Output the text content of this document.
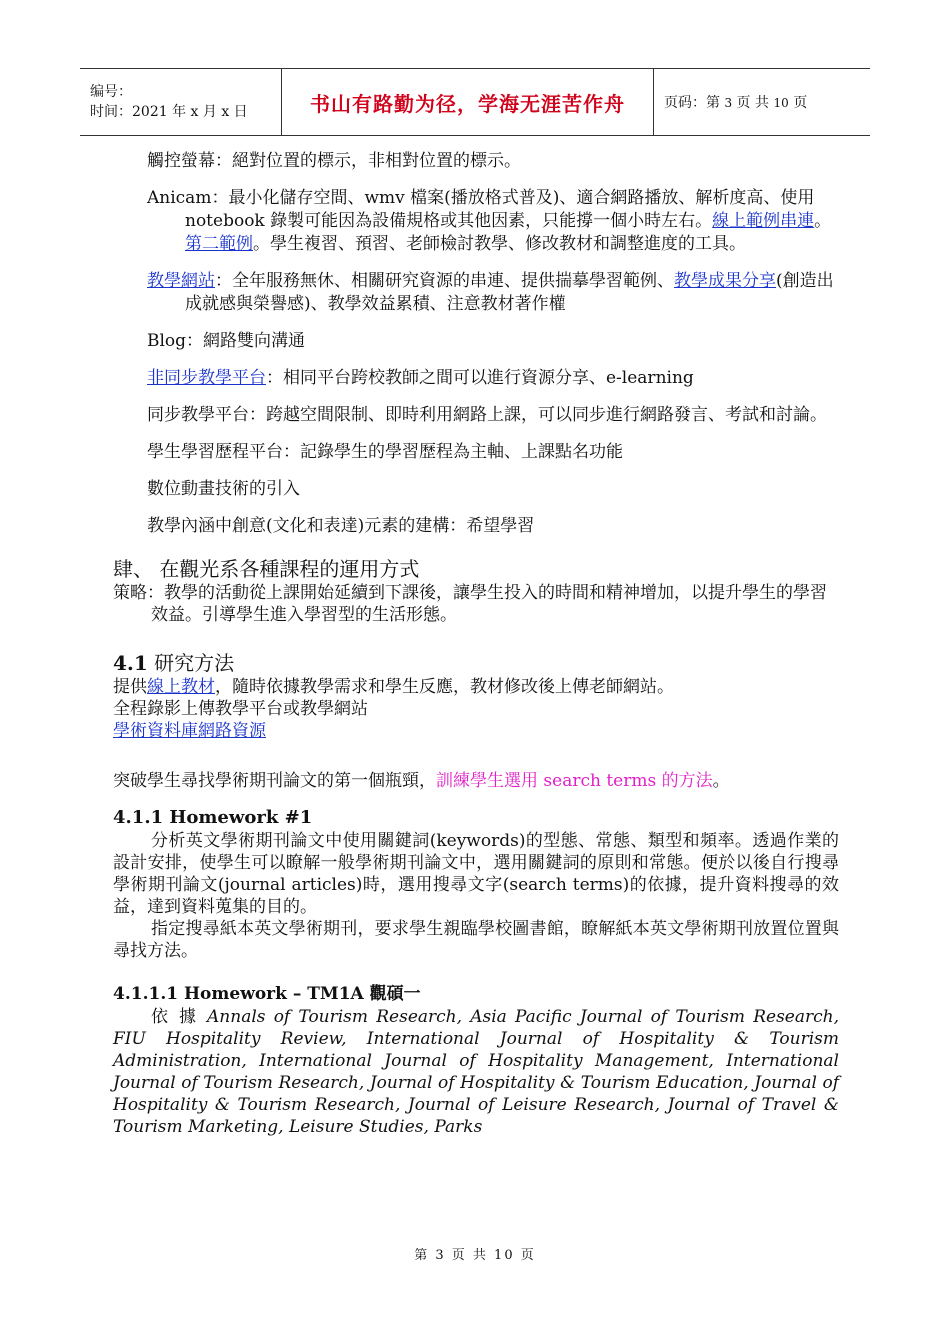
编号：
时间：2021 年 x 月 x 日	书山有路勤为径，学海无涯苦作舟	页码：第 3 页 共 10 页

觸控螢幕：絕對位置的標示，非相對位置的標示。

Anicam：最小化儲存空間、wmv 檔案(播放格式普及)、適合網路播放、解析度高、使用 notebook 錄製可能因為設備規格或其他因素，只能撐一個小時左右。線上範例串連。第二範例。學生複習、預習、老師檢討教學、修改教材和調整進度的工具。

教學網站：全年服務無休、相關研究資源的串連、提供揣摹學習範例、教學成果分享(創造出成就感與榮譽感)、教學效益累積、注意教材著作權

Blog：網路雙向溝通

非同步教學平台：相同平台跨校教師之間可以進行資源分享、e-learning

同步教學平台：跨越空間限制、即時利用網路上課，可以同步進行網路發言、考試和討論。

學生學習歷程平台：記錄學生的學習歷程為主軸、上課點名功能

數位動畫技術的引入

教學內涵中創意(文化和表達)元素的建構：希望學習

肆、 在觀光系各種課程的運用方式

策略：教學的活動從上課開始延續到下課後，讓學生投入的時間和精神增加，以提升學生的學習效益。引導學生進入學習型的生活形態。

4.1 研究方法

提供線上教材，隨時依據教學需求和學生反應，教材修改後上傳老師網站。

全程錄影上傳教學平台或教學網站

學術資料庫網路資源

突破學生尋找學術期刊論文的第一個瓶頸，訓練學生選用 search terms 的方法。

4.1.1 Homework #1

分析英文學術期刊論文中使用關鍵詞(keywords)的型態、常態、類型和頻率。透過作業的設計安排，使學生可以瞭解一般學術期刊論文中，選用關鍵詞的原則和常態。便於以後自行搜尋學術期刊論文(journal articles)時，選用搜尋文字(search terms)的依據，提升資料搜尋的效益，達到資料蒐集的目的。

指定搜尋紙本英文學術期刊，要求學生親臨學校圖書館，瞭解紙本英文學術期刊放置位置與尋找方法。

4.1.1.1 Homework – TM1A 觀碩一

依 據 Annals of Tourism Research, Asia Pacific Journal of Tourism Research, FIU Hospitality Review, International Journal of Hospitality & Tourism Administration, International Journal of Hospitality Management, International Journal of Tourism Research, Journal of Hospitality & Tourism Education, Journal of Hospitality & Tourism Research, Journal of Leisure Research, Journal of Travel & Tourism Marketing, Leisure Studies, Parks

第 3 页 共 10 页
